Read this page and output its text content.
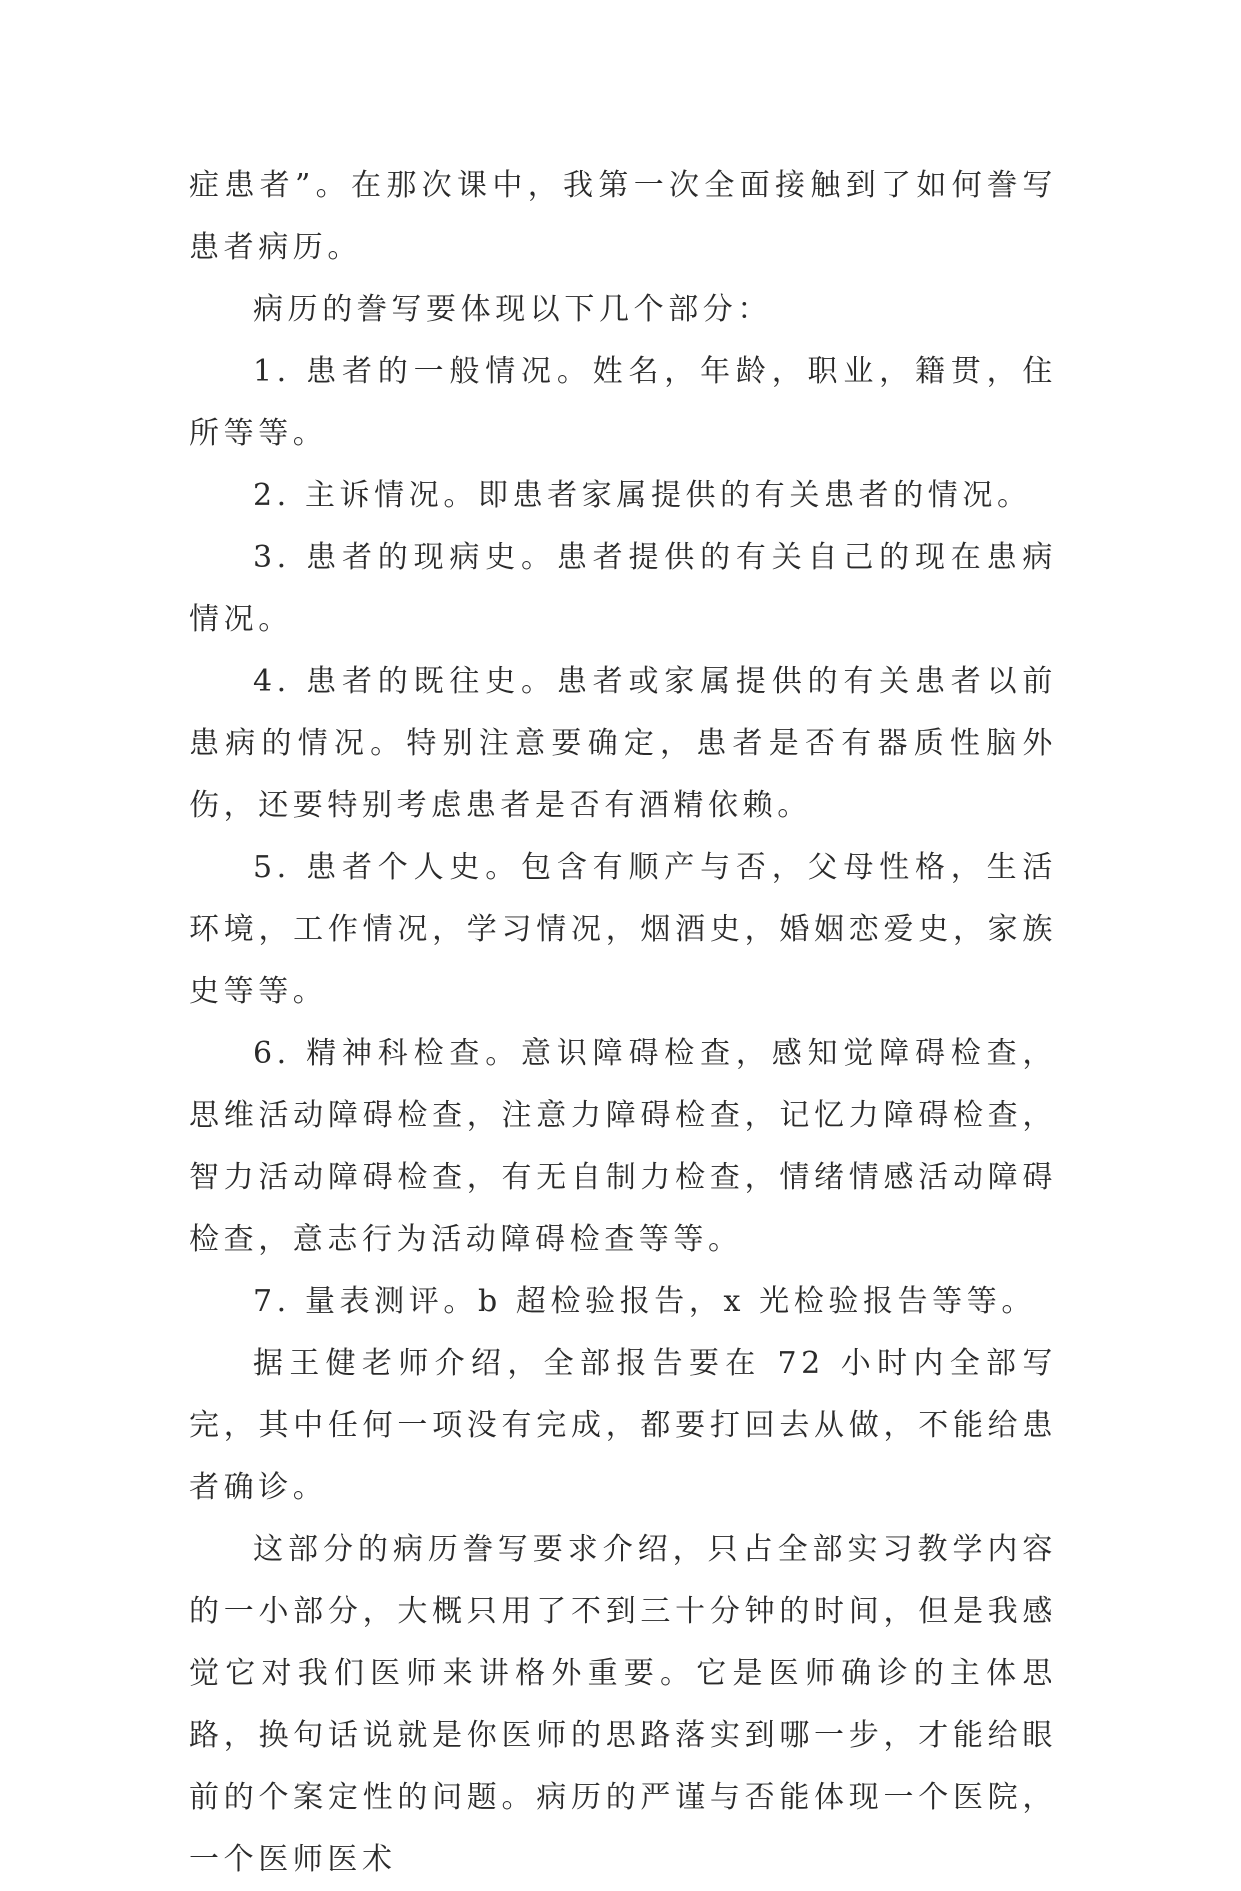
症患者”。在那次课中，我第一次全面接触到了如何誊写患者病历。

病历的誊写要体现以下几个部分：

1. 患者的一般情况。姓名，年龄，职业，籍贯，住所等等。

2. 主诉情况。即患者家属提供的有关患者的情况。

3. 患者的现病史。患者提供的有关自己的现在患病情况。

4. 患者的既往史。患者或家属提供的有关患者以前患病的情况。特别注意要确定，患者是否有器质性脑外伤，还要特别考虑患者是否有酒精依赖。

5. 患者个人史。包含有顺产与否，父母性格，生活环境，工作情况，学习情况，烟酒史，婚姻恋爱史，家族史等等。

6. 精神科检查。意识障碍检查，感知觉障碍检查，思维活动障碍检查，注意力障碍检查，记忆力障碍检查，智力活动障碍检查，有无自制力检查，情绪情感活动障碍检查，意志行为活动障碍检查等等。

7. 量表测评。b 超检验报告，x 光检验报告等等。

据王健老师介绍，全部报告要在 72 小时内全部写完，其中任何一项没有完成，都要打回去从做，不能给患者确诊。

这部分的病历誊写要求介绍，只占全部实习教学内容的一小部分，大概只用了不到三十分钟的时间，但是我感觉它对我们医师来讲格外重要。它是医师确诊的主体思路，换句话说就是你医师的思路落实到哪一步，才能给眼前的个案定性的问题。病历的严谨与否能体现一个医院，一个医师医术
